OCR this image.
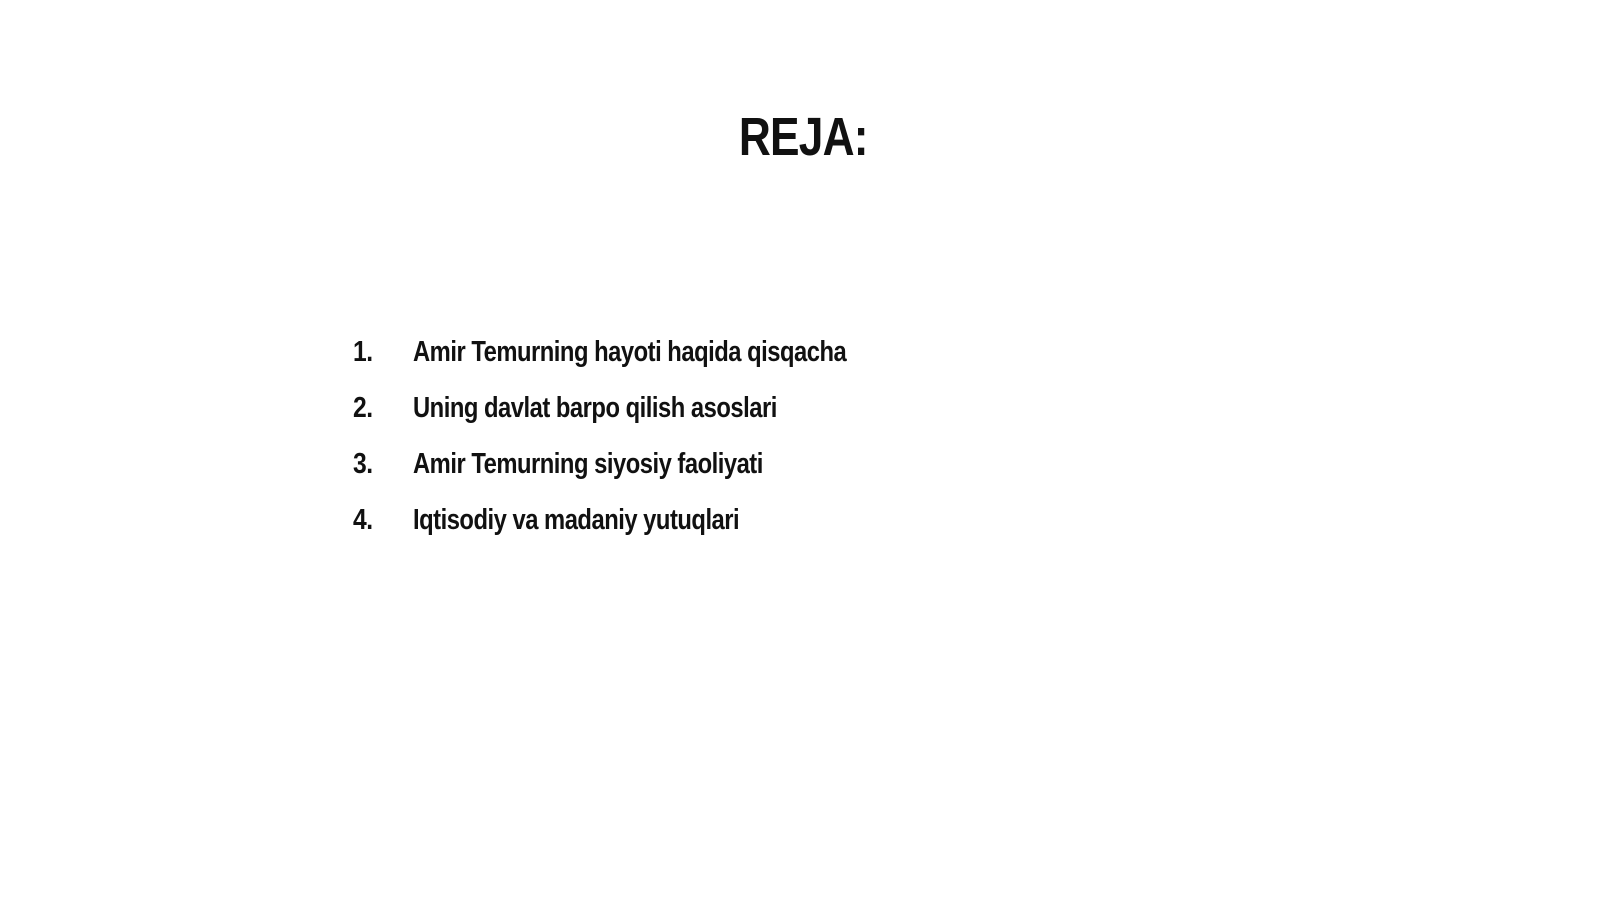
REJA:
1.	Amir Temurning hayoti haqida qisqacha
2.	Uning davlat barpo qilish asoslari
3.	Amir Temurning siyosiy faoliyati
4.	Iqtisodiy va madaniy yutuqlari
